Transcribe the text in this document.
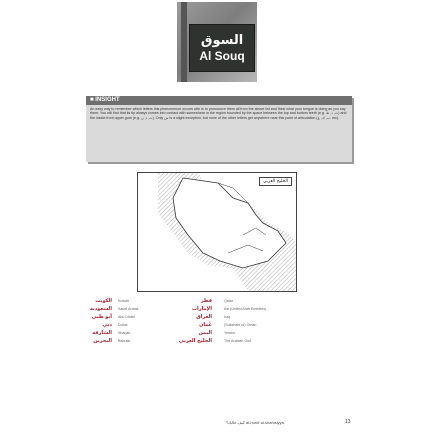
السوق
Al Souq
■ INSIGHT
An easy way to remember which letters this phenomenon occurs with is to pronounce them all from the above list and think what your tongue is doing as you say them. You will find that its tip always comes into contact with somewhere in the region bounded by the space between the top and bottom teeth (e.g. ث, ذ, ظ) and the inside front upper gum (e.g. ت, د, ن). Only ش is a slight exception, but none of the other letters get anywhere near this point of articulation (ب, ك, ع, etc).
الخليج العربي
الكويت Kuwait
السعودية Saudi Arabia
أبو ظبي Abu Dhabi
دبي Dubai
الشارقة Sharjah
البحرين Bahrain
قطر	Qatar
الإمارات	the (United Arab Emirates)
العراق	Iraq
عُمان	(Sultanate of) Oman
اليمن	Yemen
الخليج العربي	The Arabian Gulf
كيف حالك؟ al-ḥurūf al-shamsiyya	13
